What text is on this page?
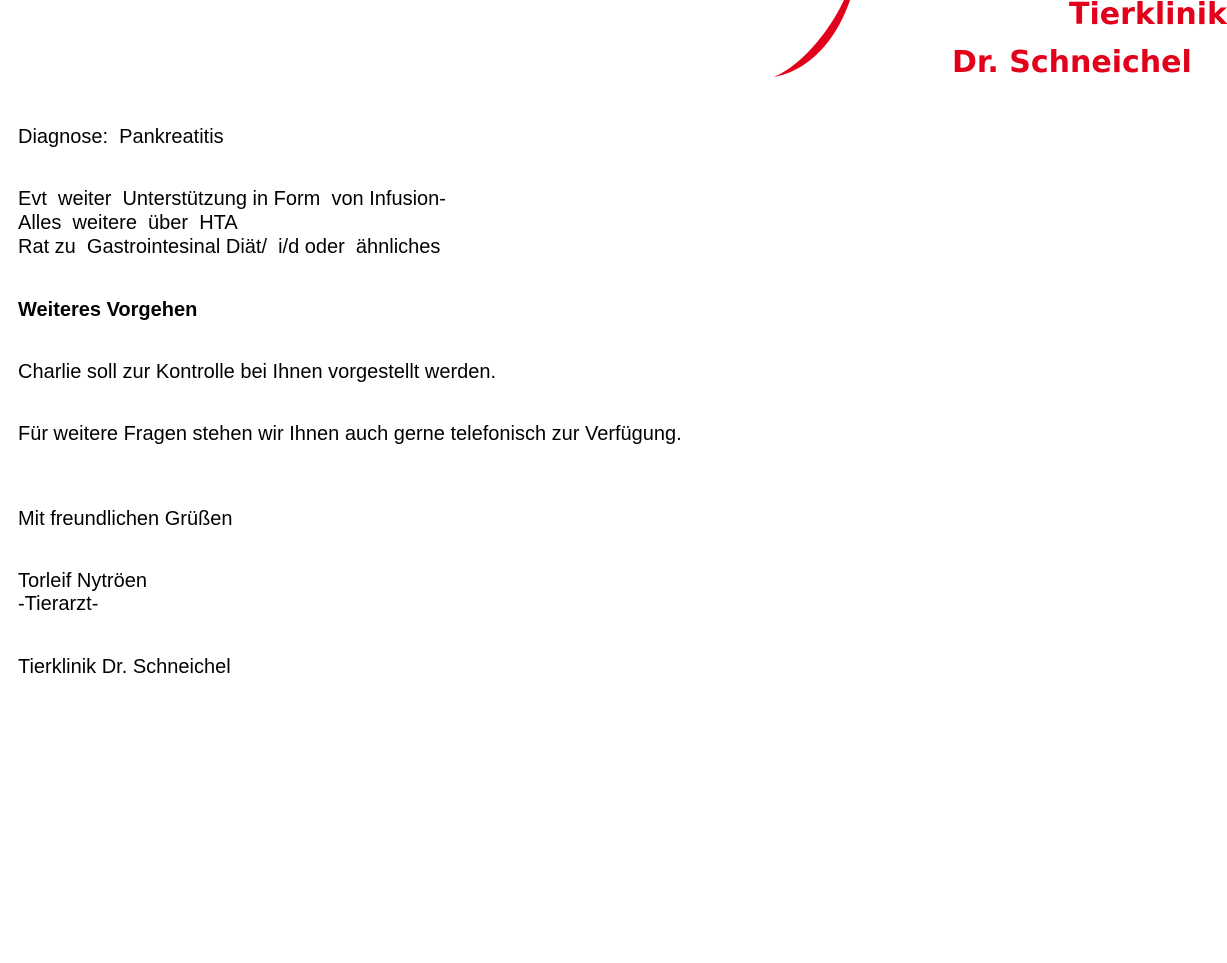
Tierklinik
Dr. Schneichel
Diagnose:  Pankreatitis
Evt  weiter  Unterstützung in Form  von Infusion-
Alles  weitere  über  HTA
Rat zu  Gastrointesinal Diät/  i/d oder  ähnliches
Weiteres Vorgehen
Charlie soll zur Kontrolle bei Ihnen vorgestellt werden.
Für weitere Fragen stehen wir Ihnen auch gerne telefonisch zur Verfügung.
Mit freundlichen Grüßen
Torleif Nytröen
-Tierarzt-
Tierklinik Dr. Schneichel
